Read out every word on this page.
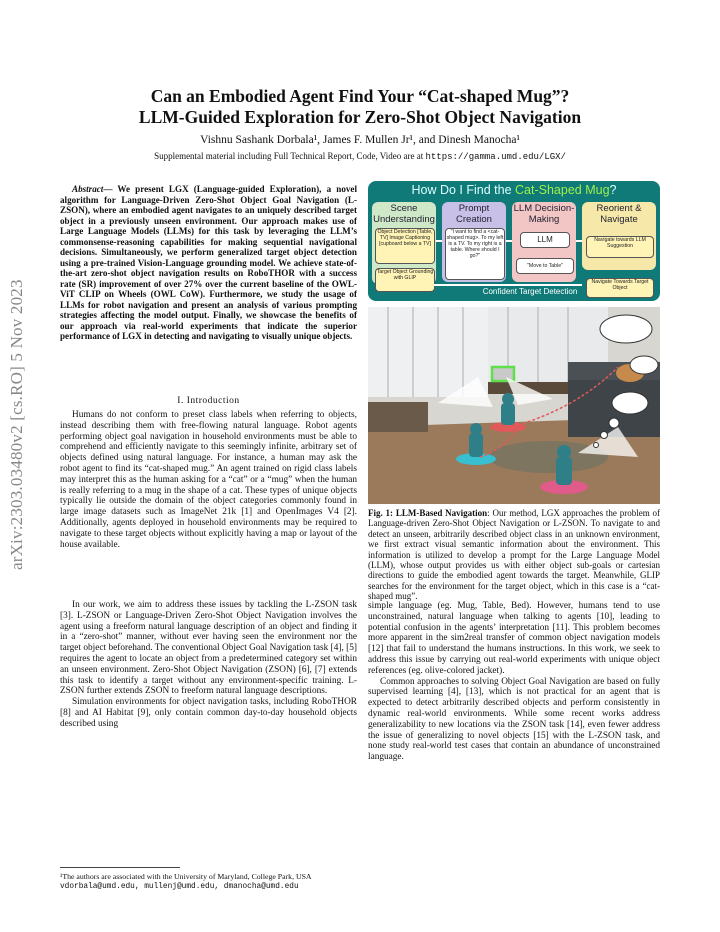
Can an Embodied Agent Find Your “Cat-shaped Mug”?
LLM-Guided Exploration for Zero-Shot Object Navigation
Vishnu Sashank Dorbala¹, James F. Mullen Jr¹, and Dinesh Manocha¹
Supplemental material including Full Technical Report, Code, Video are at https://gamma.umd.edu/LGX/
arXiv:2303.03480v2 [cs.RO] 5 Nov 2023

Abstract— We present LGX (Language-guided Exploration), a novel algorithm for Language-Driven Zero-Shot Object Goal Navigation (L-ZSON), where an embodied agent navigates to an uniquely described target object in a previously unseen environment. Our approach makes use of Large Language Models (LLMs) for this task by leveraging the LLM’s commonsense-reasoning capabilities for making sequential navigational decisions. Simultaneously, we perform generalized target object detection using a pre-trained Vision-Language grounding model. We achieve state-of-the-art zero-shot object navigation results on RoboTHOR with a success rate (SR) improvement of over 27% over the current baseline of the OWL-ViT CLIP on Wheels (OWL CoW). Furthermore, we study the usage of LLMs for robot navigation and present an analysis of various prompting strategies affecting the model output. Finally, we showcase the benefits of our approach via real-world experiments that indicate the superior performance of LGX in detecting and navigating to visually unique objects.

I. Introduction

Humans do not conform to preset class labels when referring to objects, instead describing them with free-flowing natural language. Robot agents performing object goal navigation in household environments must be able to comprehend and efficiently navigate to this seemingly infinite, arbitrary set of objects defined using natural language. For instance, a human may ask the robot agent to find its “cat-shaped mug.” An agent trained on rigid class labels may interpret this as the human asking for a “cat” or a “mug” when the human is really referring to a mug in the shape of a cat. These types of unique objects typically lie outside the domain of the object categories commonly found in large image datasets such as ImageNet 21k [1] and OpenImages V4 [2]. Additionally, agents deployed in household environments may be required to navigate to these target objects without explicitly having a map or layout of the house available.

In our work, we aim to address these issues by tackling the L-ZSON task [3]. L-ZSON or Language-Driven Zero-Shot Object Navigation involves the agent using a freeform natural language description of an object and finding it in a “zero-shot” manner, without ever having seen the environment nor the target object beforehand. The conventional Object Goal Navigation task [4], [5] requires the agent to locate an object from a predetermined category set within an unseen environment. Zero-Shot Object Navigation (ZSON) [6], [7] extends this task to identify a target without any environment-specific training. L-ZSON further extends ZSON to freeform natural language descriptions.

Simulation environments for object navigation tasks, including RoboTHOR [8] and AI Habitat [9], only contain common day-to-day household objects described using

¹The authors are associated with the University of Maryland, College Park, USA vdorbala@umd.edu, mullenj@umd.edu, dmanocha@umd.edu
How Do I Find the Cat-Shaped Mug?
Scene Understanding
Object Detection [Table, TV] Image Captioning [cupboard below a TV]
Target Object Grounding with GLIP
Prompt Creation
"I want to find a <cat-shaped mug>. To my left is a TV. To my right is a table. Where should I go?"
LLM Decision-Making
LLM
"Move to Table"
Reorient & Navigate
Navigate towards LLM Suggestion
Navigate Towards Target Object
Confident Target Detection
Fig. 1: LLM-Based Navigation: Our method, LGX approaches the problem of Language-driven Zero-Shot Object Navigation or L-ZSON. To navigate to and detect an unseen, arbitrarily described object class in an unknown environment, we first extract visual semantic information about the environment. This information is utilized to develop a prompt for the Large Language Model (LLM), whose output provides us with either object sub-goals or cartesian directions to guide the embodied agent towards the target. Meanwhile, GLIP searches for the environment for the target object, which in this case is a “cat-shaped mug”.

simple language (eg. Mug, Table, Bed). However, humans tend to use unconstrained, natural language when talking to agents [10], leading to potential confusion in the agents’ interpretation [11]. This problem becomes more apparent in the sim2real transfer of common object navigation models [12] that fail to understand the humans instructions. In this work, we seek to address this issue by carrying out real-world experiments with unique object references (eg. olive-colored jacket).

Common approaches to solving Object Goal Navigation are based on fully supervised learning [4], [13], which is not practical for an agent that is expected to detect arbitrarily described objects and perform consistently in dynamic real-world environments. While some recent works address generalizability to new locations via the ZSON task [14], even fewer address the issue of generalizing to novel objects [15] with the L-ZSON task, and none study real-world test cases that contain an abundance of unconstrained language.
